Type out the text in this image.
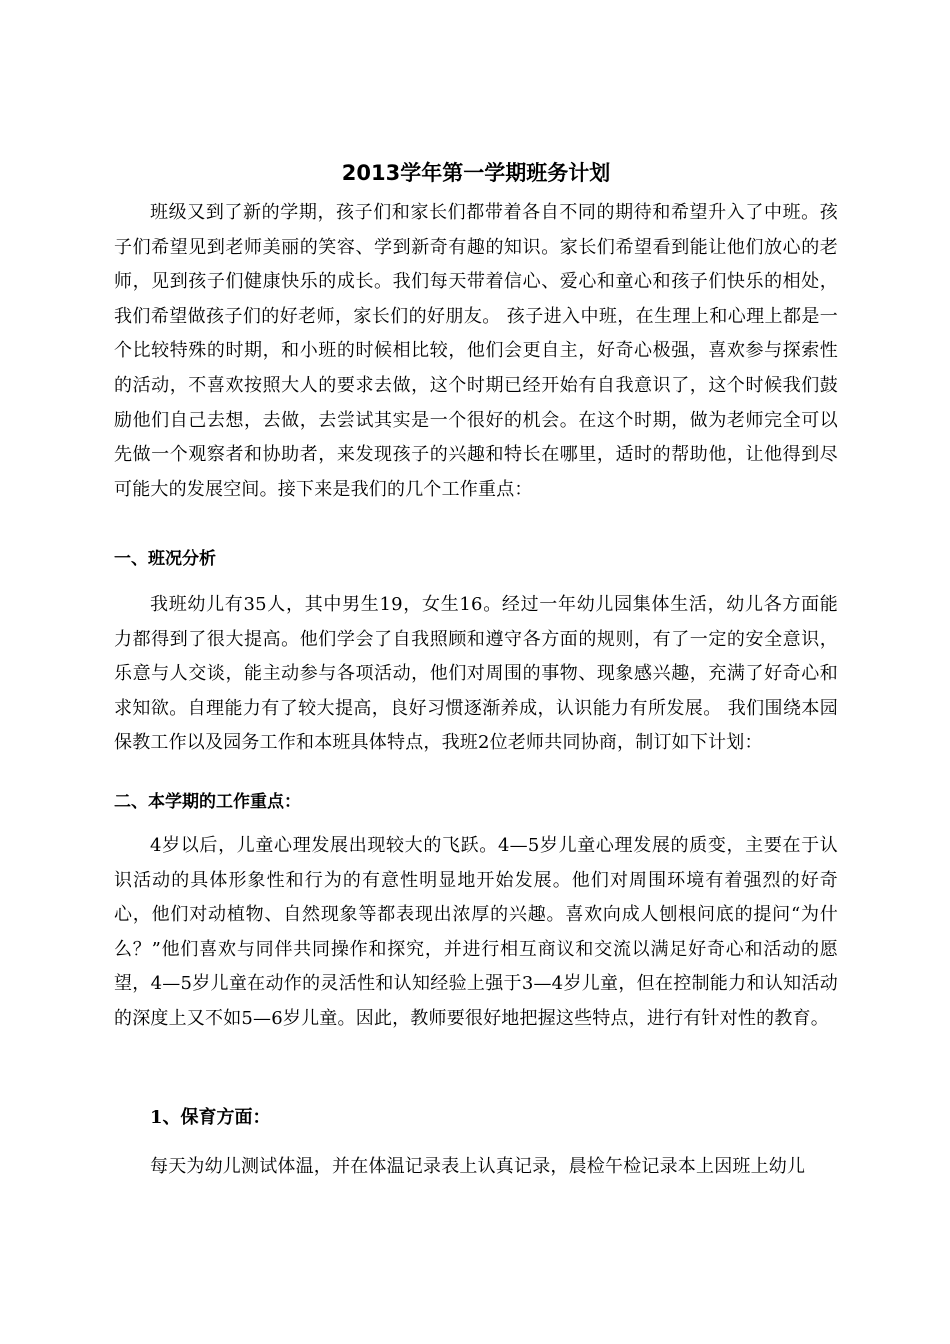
2013学年第一学期班务计划

班级又到了新的学期，孩子们和家长们都带着各自不同的期待和希望升入了中班。孩子们希望见到老师美丽的笑容、学到新奇有趣的知识。家长们希望看到能让他们放心的老师，见到孩子们健康快乐的成长。我们每天带着信心、爱心和童心和孩子们快乐的相处，我们希望做孩子们的好老师，家长们的好朋友。 孩子进入中班，在生理上和心理上都是一个比较特殊的时期，和小班的时候相比较，他们会更自主，好奇心极强，喜欢参与探索性的活动，不喜欢按照大人的要求去做，这个时期已经开始有自我意识了，这个时候我们鼓励他们自己去想，去做，去尝试其实是一个很好的机会。在这个时期，做为老师完全可以先做一个观察者和协助者，来发现孩子的兴趣和特长在哪里，适时的帮助他，让他得到尽可能大的发展空间。接下来是我们的几个工作重点：

一、班况分析

我班幼儿有35人，其中男生19，女生16。经过一年幼儿园集体生活，幼儿各方面能力都得到了很大提高。他们学会了自我照顾和遵守各方面的规则，有了一定的安全意识，乐意与人交谈，能主动参与各项活动，他们对周围的事物、现象感兴趣，充满了好奇心和求知欲。自理能力有了较大提高，良好习惯逐渐养成，认识能力有所发展。 我们围绕本园保教工作以及园务工作和本班具体特点，我班2位老师共同协商，制订如下计划：

二、本学期的工作重点：

4岁以后，儿童心理发展出现较大的飞跃。4—5岁儿童心理发展的质变，主要在于认识活动的具体形象性和行为的有意性明显地开始发展。他们对周围环境有着强烈的好奇心，他们对动植物、自然现象等都表现出浓厚的兴趣。喜欢向成人刨根问底的提问“为什么？”他们喜欢与同伴共同操作和探究，并进行相互商议和交流以满足好奇心和活动的愿望，4—5岁儿童在动作的灵活性和认知经验上强于3—4岁儿童，但在控制能力和认知活动的深度上又不如5—6岁儿童。因此，教师要很好地把握这些特点，进行有针对性的教育。

1、保育方面：

每天为幼儿测试体温，并在体温记录表上认真记录，晨检午检记录本上因班上幼儿
